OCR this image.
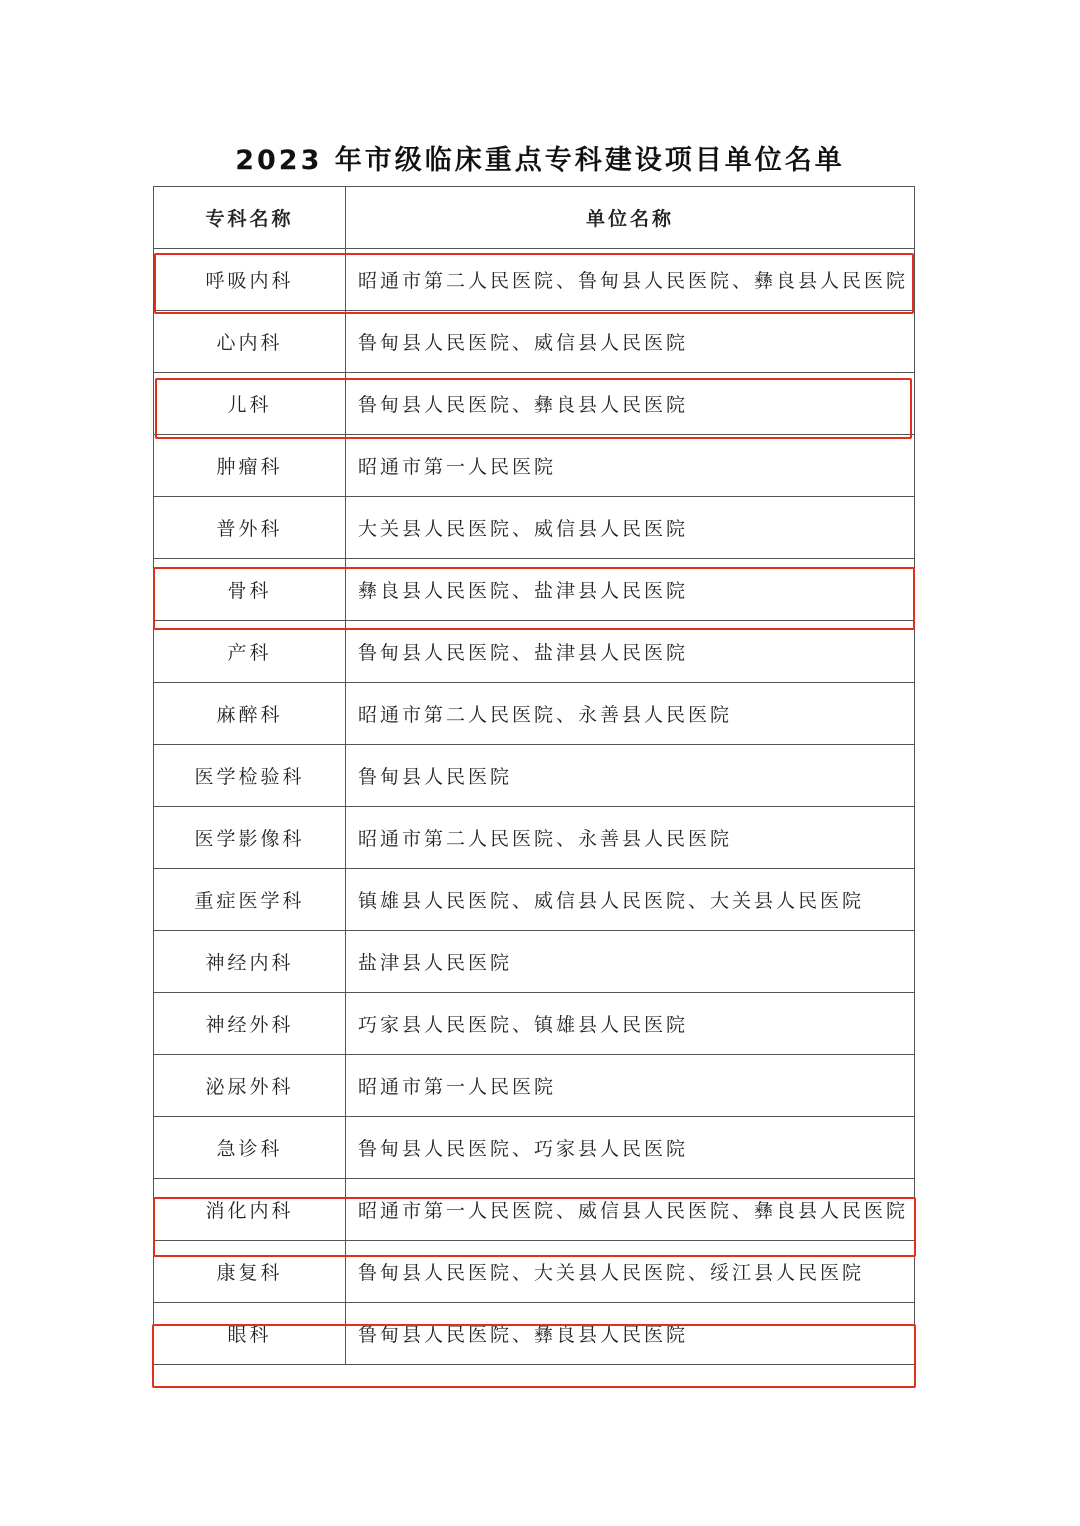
2023 年市级临床重点专科建设项目单位名单
专科名称	单位名称
呼吸内科	昭通市第二人民医院、鲁甸县人民医院、彝良县人民医院
心内科	鲁甸县人民医院、威信县人民医院
儿科	鲁甸县人民医院、彝良县人民医院
肿瘤科	昭通市第一人民医院
普外科	大关县人民医院、威信县人民医院
骨科	彝良县人民医院、盐津县人民医院
产科	鲁甸县人民医院、盐津县人民医院
麻醉科	昭通市第二人民医院、永善县人民医院
医学检验科	鲁甸县人民医院
医学影像科	昭通市第二人民医院、永善县人民医院
重症医学科	镇雄县人民医院、威信县人民医院、大关县人民医院
神经内科	盐津县人民医院
神经外科	巧家县人民医院、镇雄县人民医院
泌尿外科	昭通市第一人民医院
急诊科	鲁甸县人民医院、巧家县人民医院
消化内科	昭通市第一人民医院、威信县人民医院、彝良县人民医院
康复科	鲁甸县人民医院、大关县人民医院、绥江县人民医院
眼科	鲁甸县人民医院、彝良县人民医院
